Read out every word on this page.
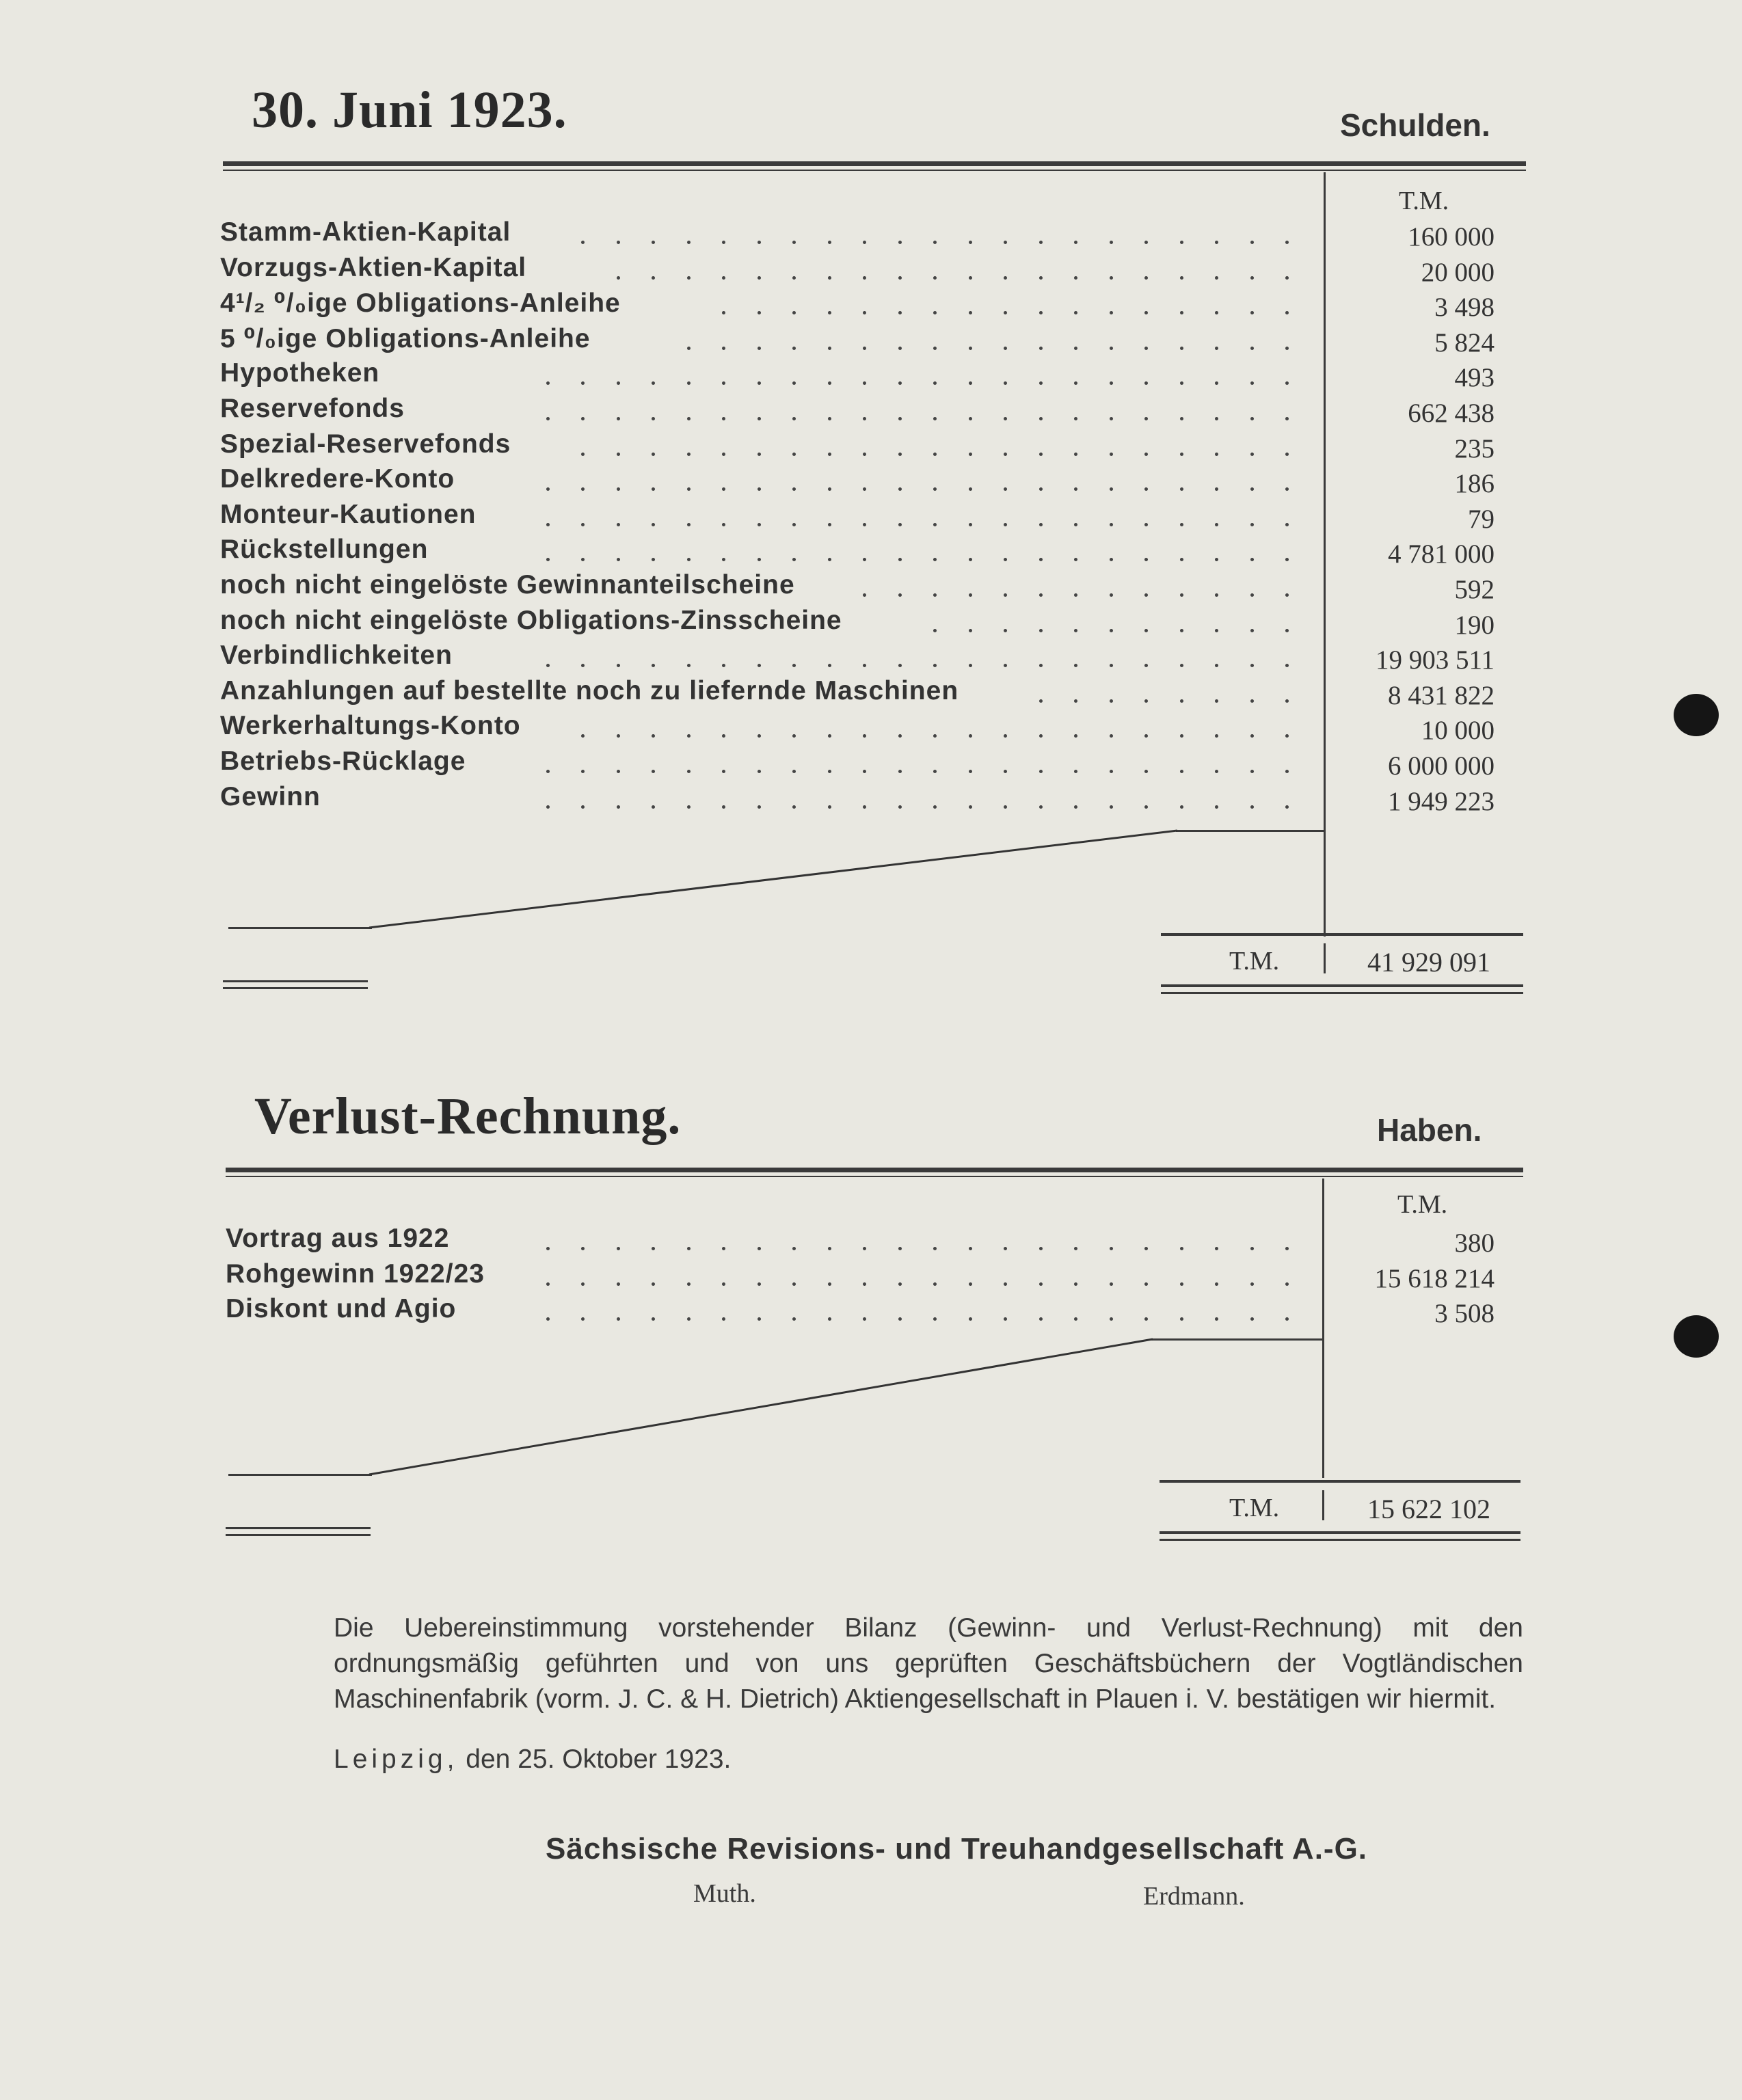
30. Juni 1923.	Schulden.
T.M.
Stamm-Aktien-Kapital	160 000
Vorzugs-Aktien-Kapital	20 000
4¹/₂ ⁰/₀ige Obligations-Anleihe	3 498
5 ⁰/₀ige Obligations-Anleihe	5 824
Hypotheken	493
Reservefonds	662 438
Spezial-Reservefonds	235
Delkredere-Konto	186
Monteur-Kautionen	79
Rückstellungen	4 781 000
noch nicht eingelöste Gewinnanteilscheine	592
noch nicht eingelöste Obligations-Zinsscheine	190
Verbindlichkeiten	19 903 511
Anzahlungen auf bestellte noch zu liefernde Maschinen	8 431 822
Werkerhaltungs-Konto	10 000
Betriebs-Rücklage	6 000 000
Gewinn	1 949 223
T.M.	41 929 091
Verlust-Rechnung.	Haben.
T.M.
Vortrag aus 1922	380
Rohgewinn 1922/23	15 618 214
Diskont und Agio	3 508
T.M.	15 622 102
Die Uebereinstimmung vorstehender Bilanz (Gewinn- und Verlust-Rechnung) mit den ordnungsmäßig geführten und von uns geprüften Geschäftsbüchern der Vogtländischen Maschinenfabrik (vorm. J. C. & H. Dietrich) Aktiengesellschaft in Plauen i. V. bestätigen wir hiermit.
Leipzig, den 25. Oktober 1923.
Sächsische Revisions- und Treuhandgesellschaft A.-G.
Muth.	Erdmann.
